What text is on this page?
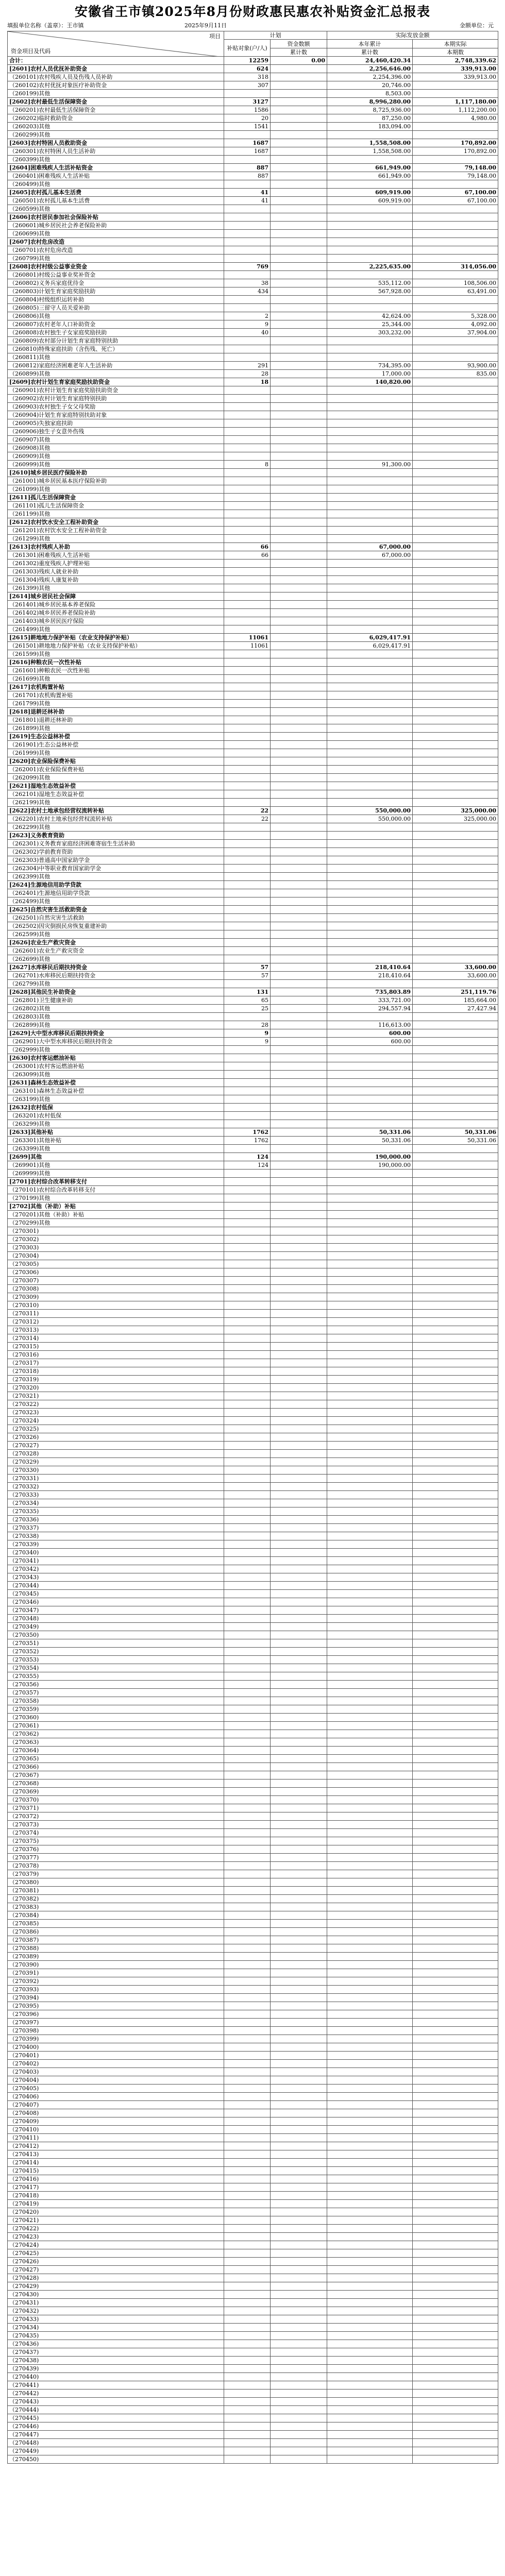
安徽省王市镇2025年8月份财政惠民惠农补贴资金汇总报表
填报单位名称（盖章）：王市镇	2025年9月11日	金额单位：元
项目
资金项目及代码	计划		实际发放金额	
	补贴对象(户/人)	资金数额	本年累计	本期实际
		累计数	累计数	本期数
合计：	12259	0.00	24,460,420.34	2,748,339.62
[2601]农村人员优抚补助资金	624		2,256,646.00	339,913.00
（260101)农村残疾人员及伤残人员补助	318		2,254,396.00	339,913.00
（260102)农村优抚对象医疗补助资金	307		20,746.00	
（260199)其他			8,503.00	
[2602]农村最低生活保障资金	3127		8,996,280.00	1,117,180.00
（260201)农村最低生活保障资金	1586		8,725,936.00	1,112,200.00
（260202)临时救助资金	20		87,250.00	4,980.00
（260203)其他	1541		183,094.00	
（260299)其他				
[2603]农村特困人员救助资金	1687		1,558,508.00	170,892.00
（260301)农村特困人员生活补助	1687		1,558,508.00	170,892.00
（260399)其他				
[2604]困难残疾人生活补贴资金	887		661,949.00	79,148.00
（260401)困难残疾人生活补贴	887		661,949.00	79,148.00
（260499)其他				
[2605]农村孤儿基本生活费	41		609,919.00	67,100.00
（260501)农村孤儿基本生活费	41		609,919.00	67,100.00
（260599)其他				
[2606]农村居民参加社会保险补贴				
（260601)城乡居民社会养老保险补助				
（260699)其他				
[2607]农村危房改造				
（260701)农村危房改造				
（260799)其他				
[2608]农村村级公益事业资金	769		2,225,635.00	314,056.00
（260801)村级公益事业奖补资金				
（260802)义务兵家庭优待金	38		535,112.00	108,506.00
（260803)计划生育家庭奖励扶助	434		567,928.00	63,491.00
（260804)村级组织运转补助				
（260805)三留守人员关爱补助				
（260806)其他	2		42,624.00	5,328.00
（260807)农村老年人口补助资金	9		25,344.00	4,092.00
（260808)农村独生子女家庭奖励扶助	40		303,232.00	37,904.00
（260809)农村部分计划生育家庭特别扶助				
（260810)特殊家庭扶助（含伤残、死亡）				
（260811)其他				
（260812)家庭经济困难老年人生活补助	291		734,395.00	93,900.00
（260899)其他	28		17,000.00	835.00
[2609]农村计划生育家庭奖励扶助资金	18		140,820.00	
（260901)农村计划生育家庭奖励扶助资金				
（260902)农村计划生育家庭特别扶助				
（260903)农村独生子女父母奖励				
（260904)计划生育家庭特别扶助对象				
（260905)失独家庭扶助				
（260906)独生子女意外伤残				
（260907)其他				
（260908)其他				
（260909)其他				
（260999)其他	8		91,300.00	
[2610]城乡居民医疗保险补助				
（261001)城乡居民基本医疗保险补助				
（261099)其他				
[2611]孤儿生活保障资金				
（261101)孤儿生活保障资金				
（261199)其他				
[2612]农村饮水安全工程补助资金				
（261201)农村饮水安全工程补助资金				
（261299)其他				
[2613]农村残疾人补助	66		67,000.00	
（261301)困难残疾人生活补贴	66		67,000.00	
（261302)重度残疾人护理补贴				
（261303)残疾人就业补助				
（261304)残疾人康复补助				
（261399)其他				
[2614]城乡居民社会保障				
（261401)城乡居民基本养老保险				
（261402)城乡居民养老保险补助				
（261403)城乡居民医疗保险				
（261499)其他				
[2615]耕地地力保护补贴（农业支持保护补贴）	11061		6,029,417.91	
（261501)耕地地力保护补贴（农业支持保护补贴）	11061		6,029,417.91	
（261599)其他				
[2616]种粮农民一次性补贴				
（261601)种粮农民一次性补贴				
（261699)其他				
[2617]农机购置补贴				
（261701)农机购置补贴				
（261799)其他				
[2618]退耕还林补助				
（261801)退耕还林补助				
（261899)其他				
[2619]生态公益林补偿				
（261901)生态公益林补偿				
（261999)其他				
[2620]农业保险保费补贴				
（262001)农业保险保费补贴				
（262099)其他				
[2621]湿地生态效益补偿				
（262101)湿地生态效益补偿				
（262199)其他				
[2622]农村土地承包经营权流转补贴	22		550,000.00	325,000.00
（262201)农村土地承包经营权流转补贴	22		550,000.00	325,000.00
（262299)其他				
[2623]义务教育资助				
（262301)义务教育家庭经济困难寄宿生生活补助				
（262302)学前教育资助				
（262303)普通高中国家助学金				
（262304)中等职业教育国家助学金				
（262399)其他				
[2624]生源地信用助学贷款				
（262401)生源地信用助学贷款				
（262499)其他				
[2625]自然灾害生活救助资金				
（262501)自然灾害生活救助				
（262502)因灾倒损民房恢复重建补助				
（262599)其他				
[2626]农业生产救灾资金				
（262601)农业生产救灾资金				
（262699)其他				
[2627]水库移民后期扶持资金	57		218,410.64	33,600.00
（262701)水库移民后期扶持资金	57		218,410.64	33,600.00
（262799)其他				
[2628]其他民生补助资金	131		735,803.89	251,119.76
（262801)卫生健康补助	65		333,721.00	185,664.00
（262802)其他	25		294,557.94	27,427.94
（262803)其他				
（262899)其他	28		116,613.00	
[2629]大中型水库移民后期扶持资金	9		600.00	
（262901)大中型水库移民后期扶持资金	9		600.00	
（262999)其他				
[2630]农村客运燃油补贴				
（263001)农村客运燃油补贴				
（263099)其他				
[2631]森林生态效益补偿				
（263101)森林生态效益补偿				
（263199)其他				
[2632]农村低保				
（263201)农村低保				
（263299)其他				
[2633]其他补贴	1762		50,331.06	50,331.06
（263301)其他补贴	1762		50,331.06	50,331.06
（263399)其他				
[2699]其他	124		190,000.00	
（269901)其他	124		190,000.00	
（269999)其他				
[2701]农村综合改革转移支付				
（270101)农村综合改革转移支付				
（270199)其他				
[2702]其他（补助）补贴				
（270201)其他（补助）补贴				
（270299)其他				
（270301)				
（270302)				
（270303)				
（270304)				
（270305)				
（270306)				
（270307)				
（270308)				
（270309)				
（270310)				
（270311)				
（270312)				
（270313)				
（270314)				
（270315)				
（270316)				
（270317)				
（270318)				
（270319)				
（270320)				
（270321)				
（270322)				
（270323)				
（270324)				
（270325)				
（270326)				
（270327)				
（270328)				
（270329)				
（270330)				
（270331)				
（270332)				
（270333)				
（270334)				
（270335)				
（270336)				
（270337)				
（270338)				
（270339)				
（270340)				
（270341)				
（270342)				
（270343)				
（270344)				
（270345)				
（270346)				
（270347)				
（270348)				
（270349)				
（270350)				
（270351)				
（270352)				
（270353)				
（270354)				
（270355)				
（270356)				
（270357)				
（270358)				
（270359)				
（270360)				
（270361)				
（270362)				
（270363)				
（270364)				
（270365)				
（270366)				
（270367)				
（270368)				
（270369)				
（270370)				
（270371)				
（270372)				
（270373)				
（270374)				
（270375)				
（270376)				
（270377)				
（270378)				
（270379)				
（270380)				
（270381)				
（270382)				
（270383)				
（270384)				
（270385)				
（270386)				
（270387)				
（270388)				
（270389)				
（270390)				
（270391)				
（270392)				
（270393)				
（270394)				
（270395)				
（270396)				
（270397)				
（270398)				
（270399)				
（270400)				
（270401)				
（270402)				
（270403)				
（270404)				
（270405)				
（270406)				
（270407)				
（270408)				
（270409)				
（270410)				
（270411)				
（270412)				
（270413)				
（270414)				
（270415)				
（270416)				
（270417)				
（270418)				
（270419)				
（270420)				
（270421)				
（270422)				
（270423)				
（270424)				
（270425)				
（270426)				
（270427)				
（270428)				
（270429)				
（270430)				
（270431)				
（270432)				
（270433)				
（270434)				
（270435)				
（270436)				
（270437)				
（270438)				
（270439)				
（270440)				
（270441)				
（270442)				
（270443)				
（270444)				
（270445)				
（270446)				
（270447)				
（270448)				
（270449)				
（270450)				
